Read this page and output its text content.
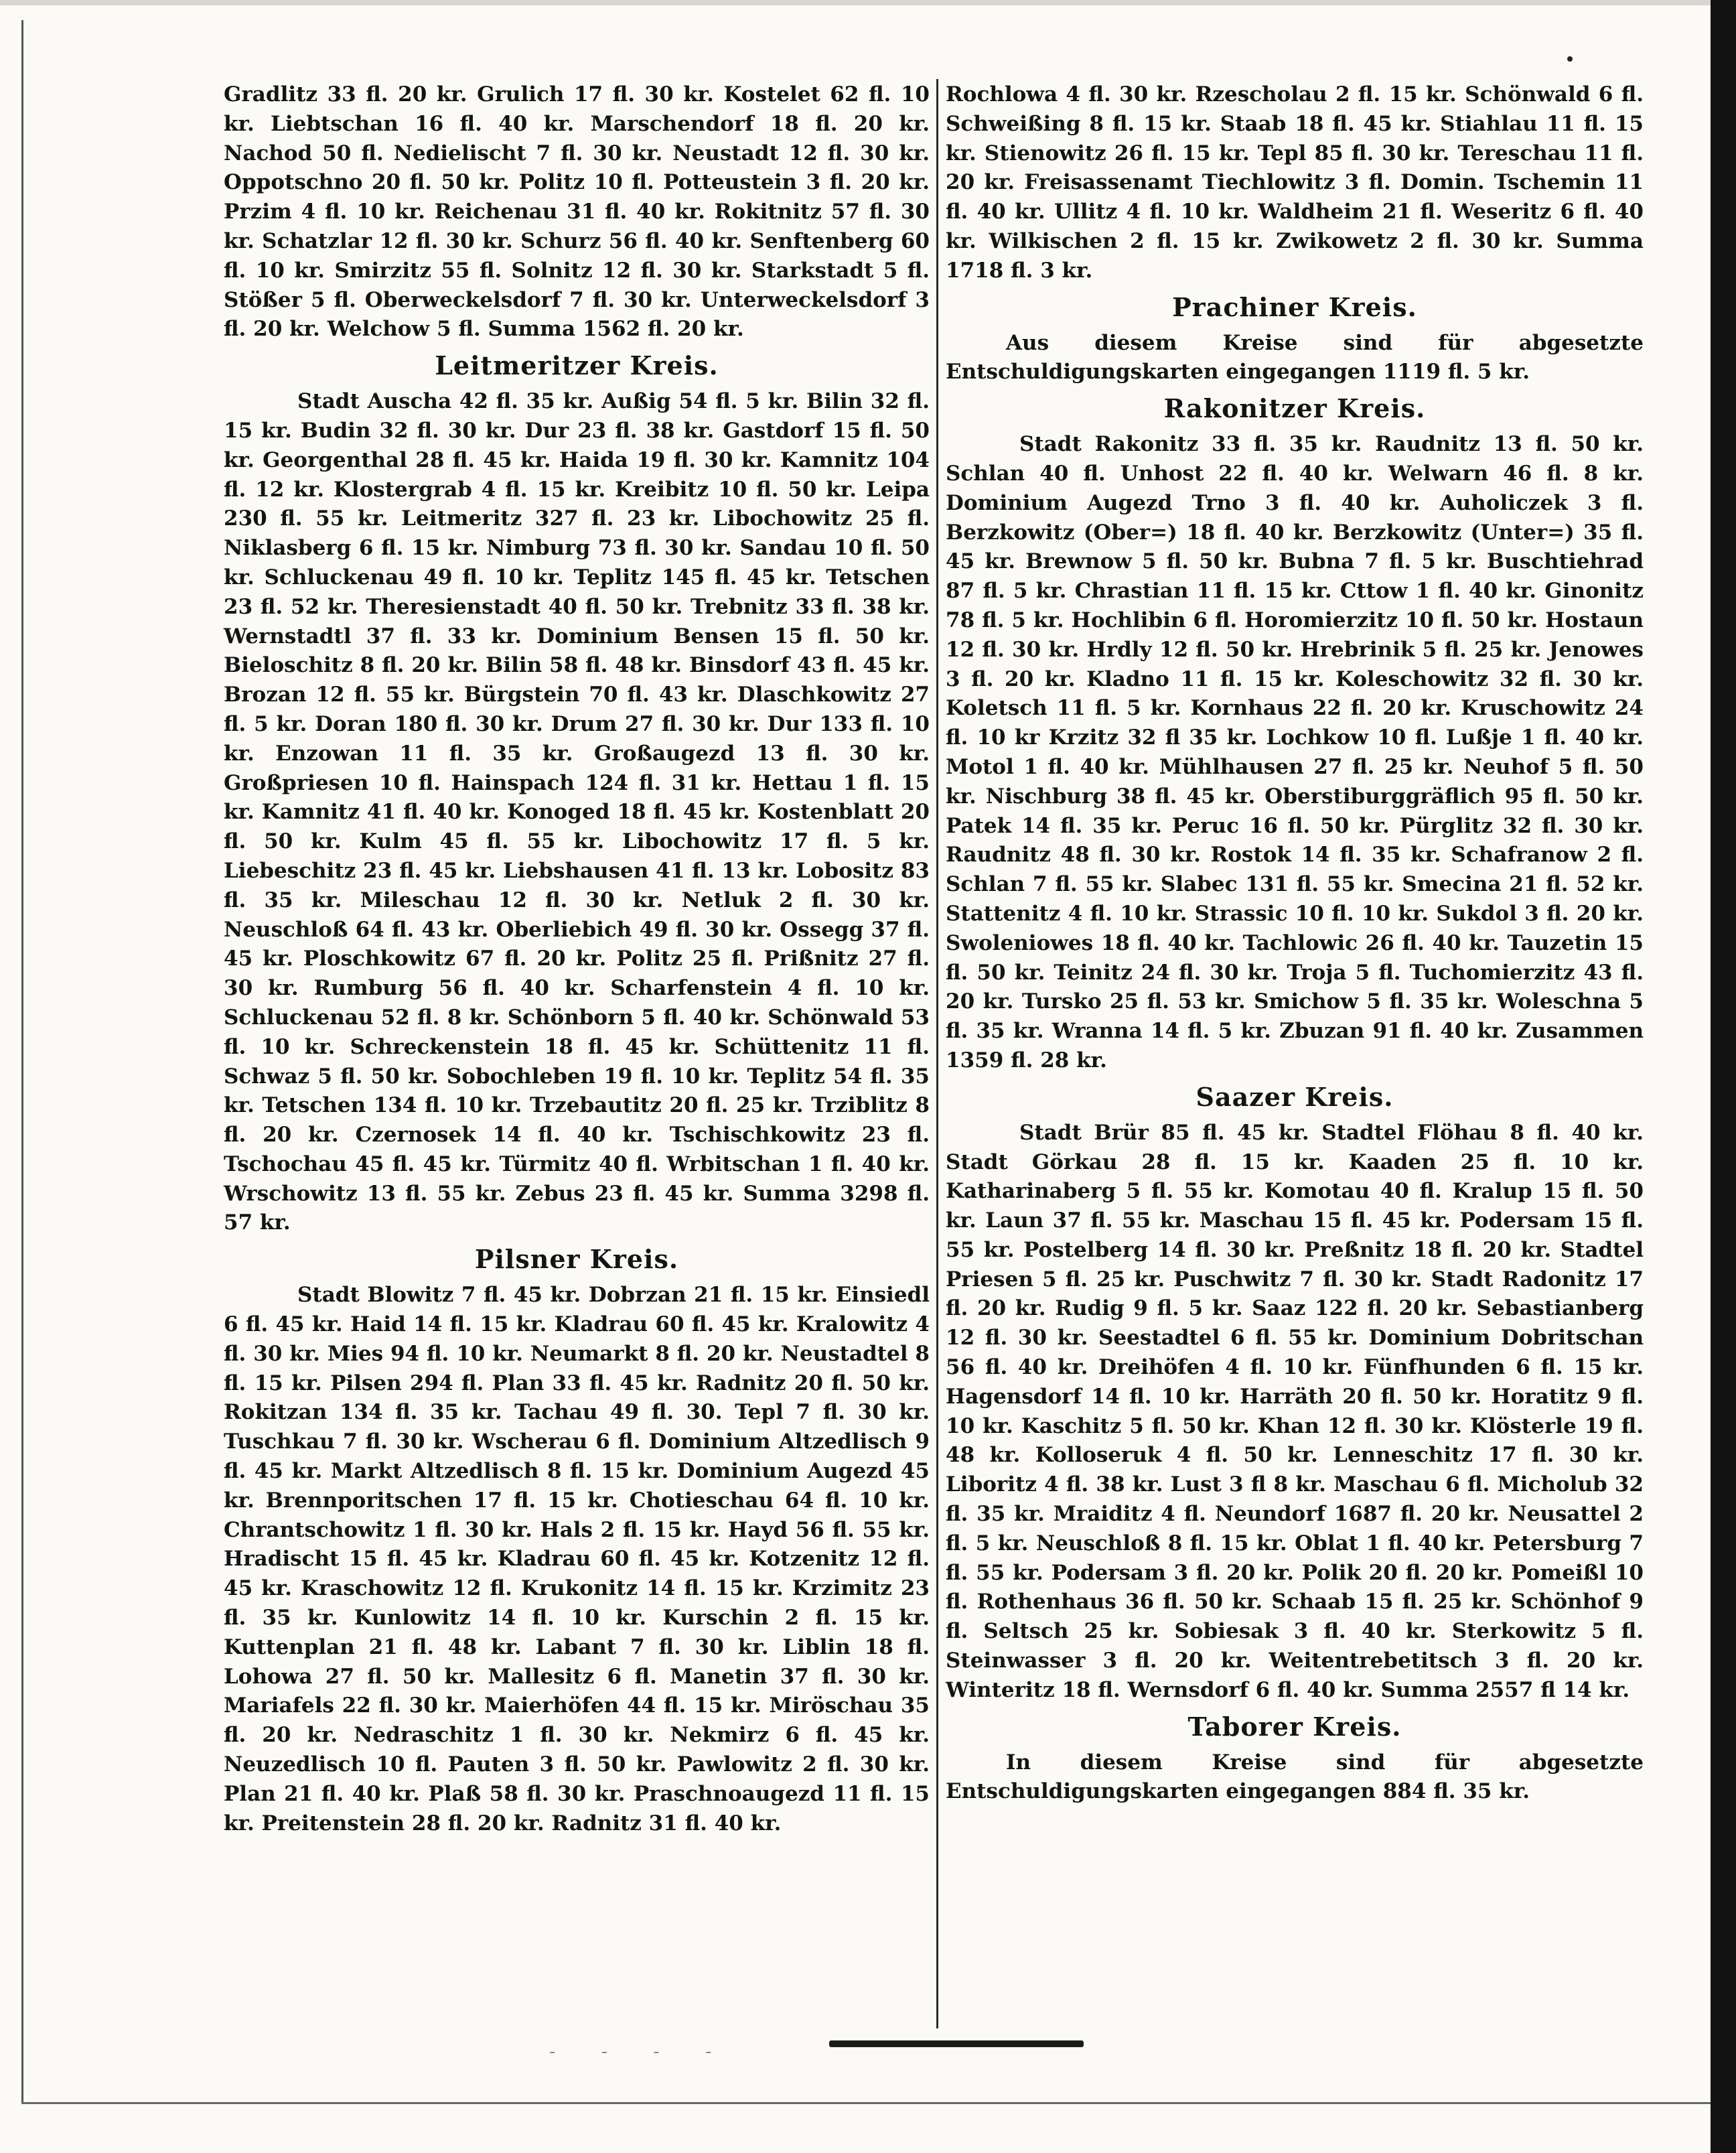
Gradlitz 33 fl. 20 kr. Grulich 17 fl. 30 kr. Kostelet 62 fl. 10 kr. Liebtschan 16 fl. 40 kr. Marschendorf 18 fl. 20 kr. Nachod 50 fl. Nedielischt 7 fl. 30 kr. Neustadt 12 fl. 30 kr. Oppotschno 20 fl. 50 kr. Politz 10 fl. Potteustein 3 fl. 20 kr. Przim 4 fl. 10 kr. Reichenau 31 fl. 40 kr. Rokitnitz 57 fl. 30 kr. Schatzlar 12 fl. 30 kr. Schurz 56 fl. 40 kr. Senftenberg 60 fl. 10 kr. Smirzitz 55 fl. Solnitz 12 fl. 30 kr. Starkstadt 5 fl. Stößer 5 fl. Oberweckelsdorf 7 fl. 30 kr. Unterweckelsdorf 3 fl. 20 kr. Welchow 5 fl. Summa 1562 fl. 20 kr.

Leitmeritzer Kreis.

Stadt Auscha 42 fl. 35 kr. Außig 54 fl. 5 kr. Bilin 32 fl. 15 kr. Budin 32 fl. 30 kr. Dur 23 fl. 38 kr. Gastdorf 15 fl. 50 kr. Georgenthal 28 fl. 45 kr. Haida 19 fl. 30 kr. Kamnitz 104 fl. 12 kr. Klostergrab 4 fl. 15 kr. Kreibitz 10 fl. 50 kr. Leipa 230 fl. 55 kr. Leitmeritz 327 fl. 23 kr. Libochowitz 25 fl. Niklasberg 6 fl. 15 kr. Nimburg 73 fl. 30 kr. Sandau 10 fl. 50 kr. Schluckenau 49 fl. 10 kr. Teplitz 145 fl. 45 kr. Tetschen 23 fl. 52 kr. Theresienstadt 40 fl. 50 kr. Trebnitz 33 fl. 38 kr. Wernstadtl 37 fl. 33 kr. Dominium Bensen 15 fl. 50 kr. Bieloschitz 8 fl. 20 kr. Bilin 58 fl. 48 kr. Binsdorf 43 fl. 45 kr. Brozan 12 fl. 55 kr. Bürgstein 70 fl. 43 kr. Dlaschkowitz 27 fl. 5 kr. Doran 180 fl. 30 kr. Drum 27 fl. 30 kr. Dur 133 fl. 10 kr. Enzowan 11 fl. 35 kr. Großaugezd 13 fl. 30 kr. Großpriesen 10 fl. Hainspach 124 fl. 31 kr. Hettau 1 fl. 15 kr. Kamnitz 41 fl. 40 kr. Konoged 18 fl. 45 kr. Kostenblatt 20 fl. 50 kr. Kulm 45 fl. 55 kr. Libochowitz 17 fl. 5 kr. Liebeschitz 23 fl. 45 kr. Liebshausen 41 fl. 13 kr. Lobositz 83 fl. 35 kr. Mileschau 12 fl. 30 kr. Netluk 2 fl. 30 kr. Neuschloß 64 fl. 43 kr. Oberliebich 49 fl. 30 kr. Ossegg 37 fl. 45 kr. Ploschkowitz 67 fl. 20 kr. Politz 25 fl. Prißnitz 27 fl. 30 kr. Rumburg 56 fl. 40 kr. Scharfenstein 4 fl. 10 kr. Schluckenau 52 fl. 8 kr. Schönborn 5 fl. 40 kr. Schönwald 53 fl. 10 kr. Schreckenstein 18 fl. 45 kr. Schüttenitz 11 fl. Schwaz 5 fl. 50 kr. Sobochleben 19 fl. 10 kr. Teplitz 54 fl. 35 kr. Tetschen 134 fl. 10 kr. Trzebautitz 20 fl. 25 kr. Trziblitz 8 fl. 20 kr. Czernosek 14 fl. 40 kr. Tschischkowitz 23 fl. Tschochau 45 fl. 45 kr. Türmitz 40 fl. Wrbitschan 1 fl. 40 kr. Wrschowitz 13 fl. 55 kr. Zebus 23 fl. 45 kr. Summa 3298 fl. 57 kr.

Pilsner Kreis.

Stadt Blowitz 7 fl. 45 kr. Dobrzan 21 fl. 15 kr. Einsiedl 6 fl. 45 kr. Haid 14 fl. 15 kr. Kladrau 60 fl. 45 kr. Kralowitz 4 fl. 30 kr. Mies 94 fl. 10 kr. Neumarkt 8 fl. 20 kr. Neustadtel 8 fl. 15 kr. Pilsen 294 fl. Plan 33 fl. 45 kr. Radnitz 20 fl. 50 kr. Rokitzan 134 fl. 35 kr. Tachau 49 fl. 30. Tepl 7 fl. 30 kr. Tuschkau 7 fl. 30 kr. Wscherau 6 fl. Dominium Altzedlisch 9 fl. 45 kr. Markt Altzedlisch 8 fl. 15 kr. Dominium Augezd 45 kr. Brennporitschen 17 fl. 15 kr. Chotieschau 64 fl. 10 kr. Chrantschowitz 1 fl. 30 kr. Hals 2 fl. 15 kr. Hayd 56 fl. 55 kr. Hradischt 15 fl. 45 kr. Kladrau 60 fl. 45 kr. Kotzenitz 12 fl. 45 kr. Kraschowitz 12 fl. Krukonitz 14 fl. 15 kr. Krzimitz 23 fl. 35 kr. Kunlowitz 14 fl. 10 kr. Kurschin 2 fl. 15 kr. Kuttenplan 21 fl. 48 kr. Labant 7 fl. 30 kr. Liblin 18 fl. Lohowa 27 fl. 50 kr. Mallesitz 6 fl. Manetin 37 fl. 30 kr. Mariafels 22 fl. 30 kr. Maierhöfen 44 fl. 15 kr. Miröschau 35 fl. 20 kr. Nedraschitz 1 fl. 30 kr. Nekmirz 6 fl. 45 kr. Neuzedlisch 10 fl. Pauten 3 fl. 50 kr. Pawlowitz 2 fl. 30 kr. Plan 21 fl. 40 kr. Plaß 58 fl. 30 kr. Praschnoaugezd 11 fl. 15 kr. Preitenstein 28 fl. 20 kr. Radnitz 31 fl. 40 kr.

Rochlowa 4 fl. 30 kr. Rzescholau 2 fl. 15 kr. Schönwald 6 fl. Schweißing 8 fl. 15 kr. Staab 18 fl. 45 kr. Stiahlau 11 fl. 15 kr. Stienowitz 26 fl. 15 kr. Tepl 85 fl. 30 kr. Tereschau 11 fl. 20 kr. Freisassenamt Tiechlowitz 3 fl. Domin. Tschemin 11 fl. 40 kr. Ullitz 4 fl. 10 kr. Waldheim 21 fl. Weseritz 6 fl. 40 kr. Wilkischen 2 fl. 15 kr. Zwikowetz 2 fl. 30 kr. Summa 1718 fl. 3 kr.

Prachiner Kreis.

Aus diesem Kreise sind für abgesetzte Entschuldigungskarten eingegangen 1119 fl. 5 kr.

Rakonitzer Kreis.

Stadt Rakonitz 33 fl. 35 kr. Raudnitz 13 fl. 50 kr. Schlan 40 fl. Unhost 22 fl. 40 kr. Welwarn 46 fl. 8 kr. Dominium Augezd Trno 3 fl. 40 kr. Auholiczek 3 fl. Berzkowitz (Ober=) 18 fl. 40 kr. Berzkowitz (Unter=) 35 fl. 45 kr. Brewnow 5 fl. 50 kr. Bubna 7 fl. 5 kr. Buschtiehrad 87 fl. 5 kr. Chrastian 11 fl. 15 kr. Cttow 1 fl. 40 kr. Ginonitz 78 fl. 5 kr. Hochlibin 6 fl. Horomierzitz 10 fl. 50 kr. Hostaun 12 fl. 30 kr. Hrdly 12 fl. 50 kr. Hrebrinik 5 fl. 25 kr. Jenowes 3 fl. 20 kr. Kladno 11 fl. 15 kr. Koleschowitz 32 fl. 30 kr. Koletsch 11 fl. 5 kr. Kornhaus 22 fl. 20 kr. Kruschowitz 24 fl. 10 kr Krzitz 32 fl 35 kr. Lochkow 10 fl. Lußje 1 fl. 40 kr. Motol 1 fl. 40 kr. Mühlhausen 27 fl. 25 kr. Neuhof 5 fl. 50 kr. Nischburg 38 fl. 45 kr. Oberstiburggräflich 95 fl. 50 kr. Patek 14 fl. 35 kr. Peruc 16 fl. 50 kr. Pürglitz 32 fl. 30 kr. Raudnitz 48 fl. 30 kr. Rostok 14 fl. 35 kr. Schafranow 2 fl. Schlan 7 fl. 55 kr. Slabec 131 fl. 55 kr. Smecina 21 fl. 52 kr. Stattenitz 4 fl. 10 kr. Strassic 10 fl. 10 kr. Sukdol 3 fl. 20 kr. Swoleniowes 18 fl. 40 kr. Tachlowic 26 fl. 40 kr. Tauzetin 15 fl. 50 kr. Teinitz 24 fl. 30 kr. Troja 5 fl. Tuchomierzitz 43 fl. 20 kr. Tursko 25 fl. 53 kr. Smichow 5 fl. 35 kr. Woleschna 5 fl. 35 kr. Wranna 14 fl. 5 kr. Zbuzan 91 fl. 40 kr. Zusammen 1359 fl. 28 kr.

Saazer Kreis.

Stadt Brür 85 fl. 45 kr. Stadtel Flöhau 8 fl. 40 kr. Stadt Görkau 28 fl. 15 kr. Kaaden 25 fl. 10 kr. Katharinaberg 5 fl. 55 kr. Komotau 40 fl. Kralup 15 fl. 50 kr. Laun 37 fl. 55 kr. Maschau 15 fl. 45 kr. Podersam 15 fl. 55 kr. Postelberg 14 fl. 30 kr. Preßnitz 18 fl. 20 kr. Stadtel Priesen 5 fl. 25 kr. Puschwitz 7 fl. 30 kr. Stadt Radonitz 17 fl. 20 kr. Rudig 9 fl. 5 kr. Saaz 122 fl. 20 kr. Sebastianberg 12 fl. 30 kr. Seestadtel 6 fl. 55 kr. Dominium Dobritschan 56 fl. 40 kr. Dreihöfen 4 fl. 10 kr. Fünfhunden 6 fl. 15 kr. Hagensdorf 14 fl. 10 kr. Harräth 20 fl. 50 kr. Horatitz 9 fl. 10 kr. Kaschitz 5 fl. 50 kr. Khan 12 fl. 30 kr. Klösterle 19 fl. 48 kr. Kolloseruk 4 fl. 50 kr. Lenneschitz 17 fl. 30 kr. Liboritz 4 fl. 38 kr. Lust 3 fl 8 kr. Maschau 6 fl. Micholub 32 fl. 35 kr. Mraiditz 4 fl. Neundorf 1687 fl. 20 kr. Neusattel 2 fl. 5 kr. Neuschloß 8 fl. 15 kr. Oblat 1 fl. 40 kr. Petersburg 7 fl. 55 kr. Podersam 3 fl. 20 kr. Polik 20 fl. 20 kr. Pomeißl 10 fl. Rothenhaus 36 fl. 50 kr. Schaab 15 fl. 25 kr. Schönhof 9 fl. Seltsch 25 kr. Sobiesak 3 fl. 40 kr. Sterkowitz 5 fl. Steinwasser 3 fl. 20 kr. Weitentrebetitsch 3 fl. 20 kr. Winteritz 18 fl. Wernsdorf 6 fl. 40 kr. Summa 2557 fl 14 kr.

Taborer Kreis.

In diesem Kreise sind für abgesetzte Entschuldigungskarten eingegangen 884 fl. 35 kr.

- - - -
